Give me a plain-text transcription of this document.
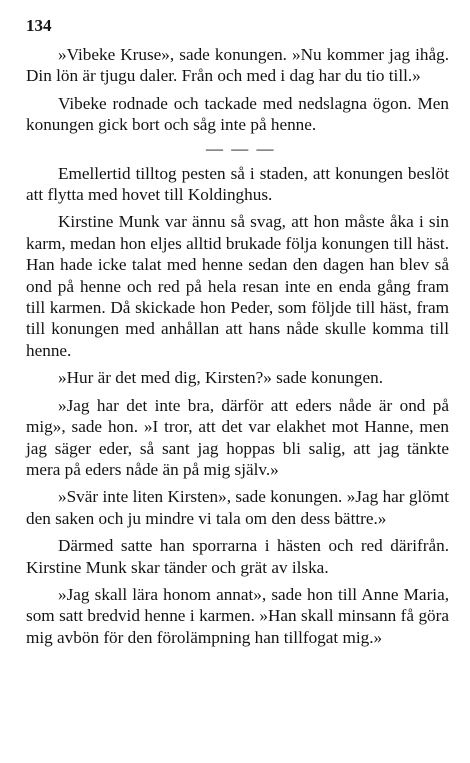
134

»Vibeke Kruse», sade konungen. »Nu kommer jag ihåg. Din lön är tjugu daler. Från och med i dag har du tio till.»

Vibeke rodnade och tackade med nedslagna ögon. Men konungen gick bort och såg inte på henne.

— — —

Emellertid tilltog pesten så i staden, att konungen beslöt att flytta med hovet till Koldinghus.

Kirstine Munk var ännu så svag, att hon måste åka i sin karm, medan hon eljes alltid brukade följa konungen till häst. Han hade icke talat med henne sedan den dagen han blev så ond på henne och red på hela resan inte en enda gång fram till karmen. Då skickade hon Peder, som följde till häst, fram till konungen med anhållan att hans nåde skulle komma till henne.

»Hur är det med dig, Kirsten?» sade konungen.

»Jag har det inte bra, därför att eders nåde är ond på mig», sade hon. »I tror, att det var elakhet mot Hanne, men jag säger eder, så sant jag hoppas bli salig, att jag tänkte mera på eders nåde än på mig själv.»

»Svär inte liten Kirsten», sade konungen. »Jag har glömt den saken och ju mindre vi tala om den dess bättre.»

Därmed satte han sporrarna i hästen och red därifrån. Kirstine Munk skar tänder och grät av ilska.

»Jag skall lära honom annat», sade hon till Anne Maria, som satt bredvid henne i karmen. »Han skall minsann få göra mig avbön för den förolämpning han tillfogat mig.»
